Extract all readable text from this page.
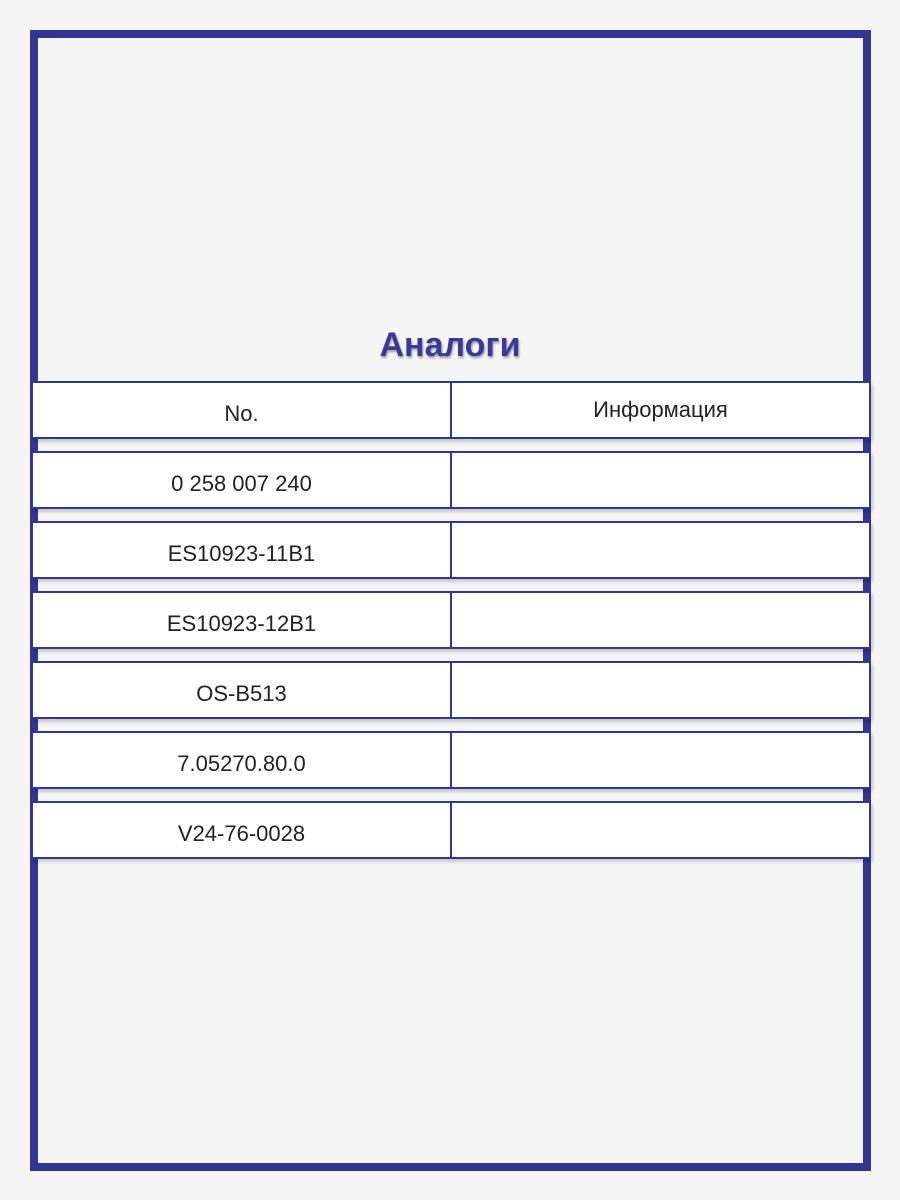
Аналоги
No.	Информация
0 258 007 240
ES10923-11B1
ES10923-12B1
OS-B513
7.05270.80.0
V24-76-0028
